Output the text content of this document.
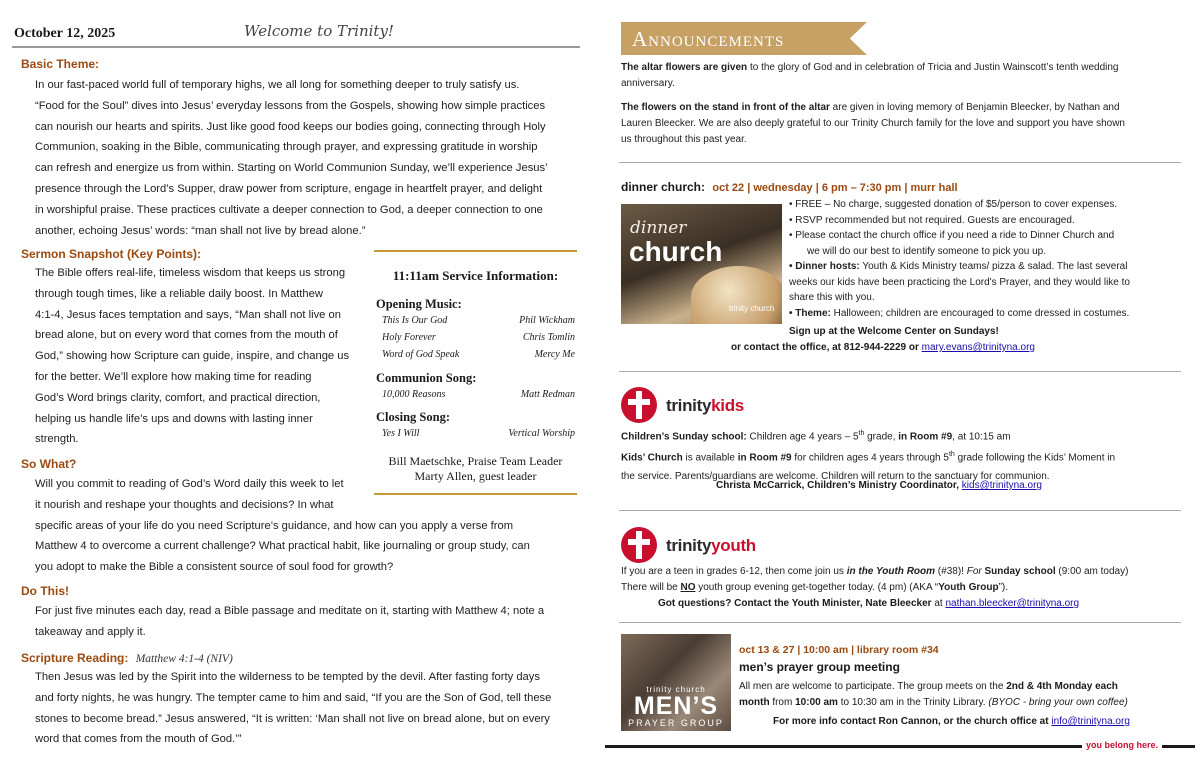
October 12, 2025	Welcome to Trinity!
Basic Theme:
In our fast-paced world full of temporary highs, we all long for something deeper to truly satisfy us.
“Food for the Soul” dives into Jesus’ everyday lessons from the Gospels, showing how simple practices
can nourish our hearts and spirits. Just like good food keeps our bodies going, connecting through Holy
Communion, soaking in the Bible, communicating through prayer, and expressing gratitude in worship
can refresh and energize us from within. Starting on World Communion Sunday, we’ll experience Jesus’
presence through the Lord’s Supper, draw power from scripture, engage in heartfelt prayer, and delight
in worshipful praise. These practices cultivate a deeper connection to God, a deeper connection to one
another, echoing Jesus’ words: “man shall not live by bread alone.”
Sermon Snapshot (Key Points):
The Bible offers real-life, timeless wisdom that keeps us strong
through tough times, like a reliable daily boost. In Matthew
4:1-4, Jesus faces temptation and says, “Man shall not live on
bread alone, but on every word that comes from the mouth of
God,” showing how Scripture can guide, inspire, and change us
for the better. We’ll explore how making time for reading
God’s Word brings clarity, comfort, and practical direction,
helping us handle life’s ups and downs with lasting inner
strength.
11:11am Service Information:
Opening Music:
This Is Our God	Phil Wickham
Holy Forever	Chris Tomlin
Word of God Speak	Mercy Me
Communion Song:
10,000 Reasons	Matt Redman
Closing Song:
Yes I Will	Vertical Worship
Bill Maetschke, Praise Team Leader
Marty Allen, guest leader
So What?
Will you commit to reading of God’s Word daily this week to let
it nourish and reshape your thoughts and decisions? In what
specific areas of your life do you need Scripture’s guidance, and how can you apply a verse from
Matthew 4 to overcome a current challenge? What practical habit, like journaling or group study, can
you adopt to make the Bible a consistent source of soul food for growth?
Do This!
For just five minutes each day, read a Bible passage and meditate on it, starting with Matthew 4; note a
takeaway and apply it.
Scripture Reading: Matthew 4:1-4 (NIV)
Then Jesus was led by the Spirit into the wilderness to be tempted by the devil. After fasting forty days
and forty nights, he was hungry. The tempter came to him and said, “If you are the Son of God, tell these
stones to become bread.” Jesus answered, “It is written: ‘Man shall not live on bread alone, but on every
word that comes from the mouth of God.’”
Announcements
The altar flowers are given to the glory of God and in celebration of Tricia and Justin Wainscott’s tenth wedding
anniversary.
The flowers on the stand in front of the altar are given in loving memory of Benjamin Bleecker, by Nathan and
Lauren Bleecker. We are also deeply grateful to our Trinity Church family for the love and support you have shown
us throughout this past year.
dinner church: oct 22 | wednesday | 6 pm – 7:30 pm | murr hall
dinner
church
trinity church
• FREE – No charge, suggested donation of $5/person to cover expenses.
• RSVP recommended but not required. Guests are encouraged.
• Please contact the church office if you need a ride to Dinner Church and
we will do our best to identify someone to pick you up.
• Dinner hosts: Youth & Kids Ministry teams/ pizza & salad. The last several
weeks our kids have been practicing the Lord's Prayer, and they would like to
share this with you.
• Theme: Halloween; children are encouraged to come dressed in costumes.
Sign up at the Welcome Center on Sundays!
or contact the office, at 812-944-2229 or mary.evans@trinityna.org
trinitykids
Children’s Sunday school: Children age 4 years – 5th grade, in Room #9, at 10:15 am
Kids’ Church is available in Room #9 for children ages 4 years through 5th grade following the Kids’ Moment in
the service. Parents/guardians are welcome. Children will return to the sanctuary for communion.
Christa McCarrick, Children’s Ministry Coordinator, kids@trinityna.org
trinityyouth
If you are a teen in grades 6-12, then come join us in the Youth Room (#38)! For Sunday school (9:00 am today)
There will be NO youth group evening get-together today. (4 pm) (AKA “Youth Group”).
Got questions? Contact the Youth Minister, Nate Bleecker at nathan.bleecker@trinityna.org
trinity church
MEN’S
PRAYER GROUP
oct 13 & 27 | 10:00 am | library room #34
men’s prayer group meeting
All men are welcome to participate. The group meets on the 2nd & 4th Monday each
month from 10:00 am to 10:30 am in the Trinity Library. (BYOC - bring your own coffee)
For more info contact Ron Cannon, or the church office at info@trinityna.org
you belong here.
